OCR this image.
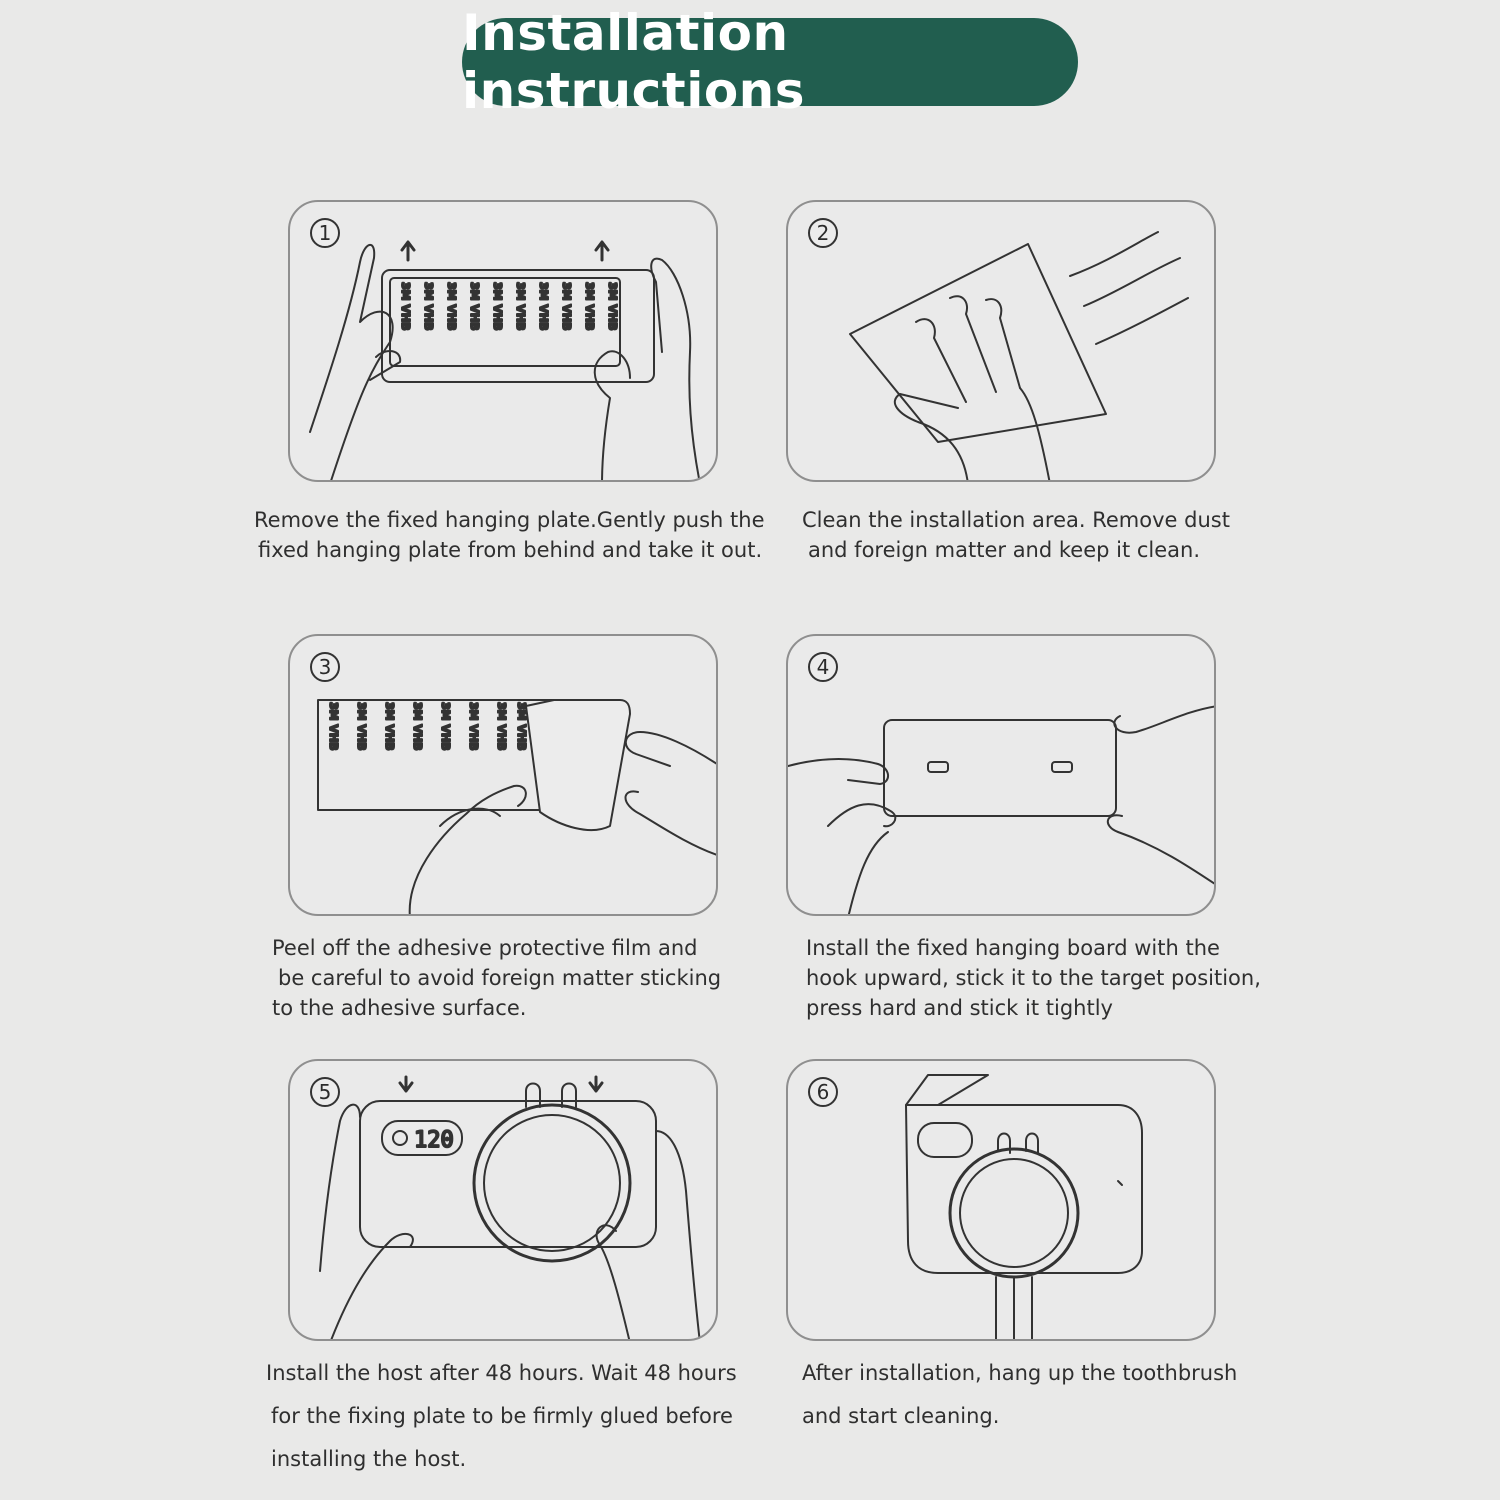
Installation instructions
1
3M VHB 3M VHB 3M VHB 3M VHB 3M VHB 3M VHB 3M VHB 3M VHB 3M VHB 3M VHB
Remove the fixed hanging plate.Gently push the
fixed hanging plate from behind and take it out.
2
Clean the installation area. Remove dust
and foreign matter and keep it clean.
3
3M VHB 3M VHB 3M VHB 3M VHB 3M VHB 3M VHB 3M VHB 3M VHB
Peel off the adhesive protective film and
be careful to avoid foreign matter sticking
to the adhesive surface.
4
Install the fixed hanging board with the
hook upward, stick it to the target position,
press hard and stick it tightly
5
120
Install the host after 48 hours. Wait 48 hours
for the fixing plate to be firmly glued before
installing the host.
6
After installation, hang up the toothbrush
and start cleaning.
